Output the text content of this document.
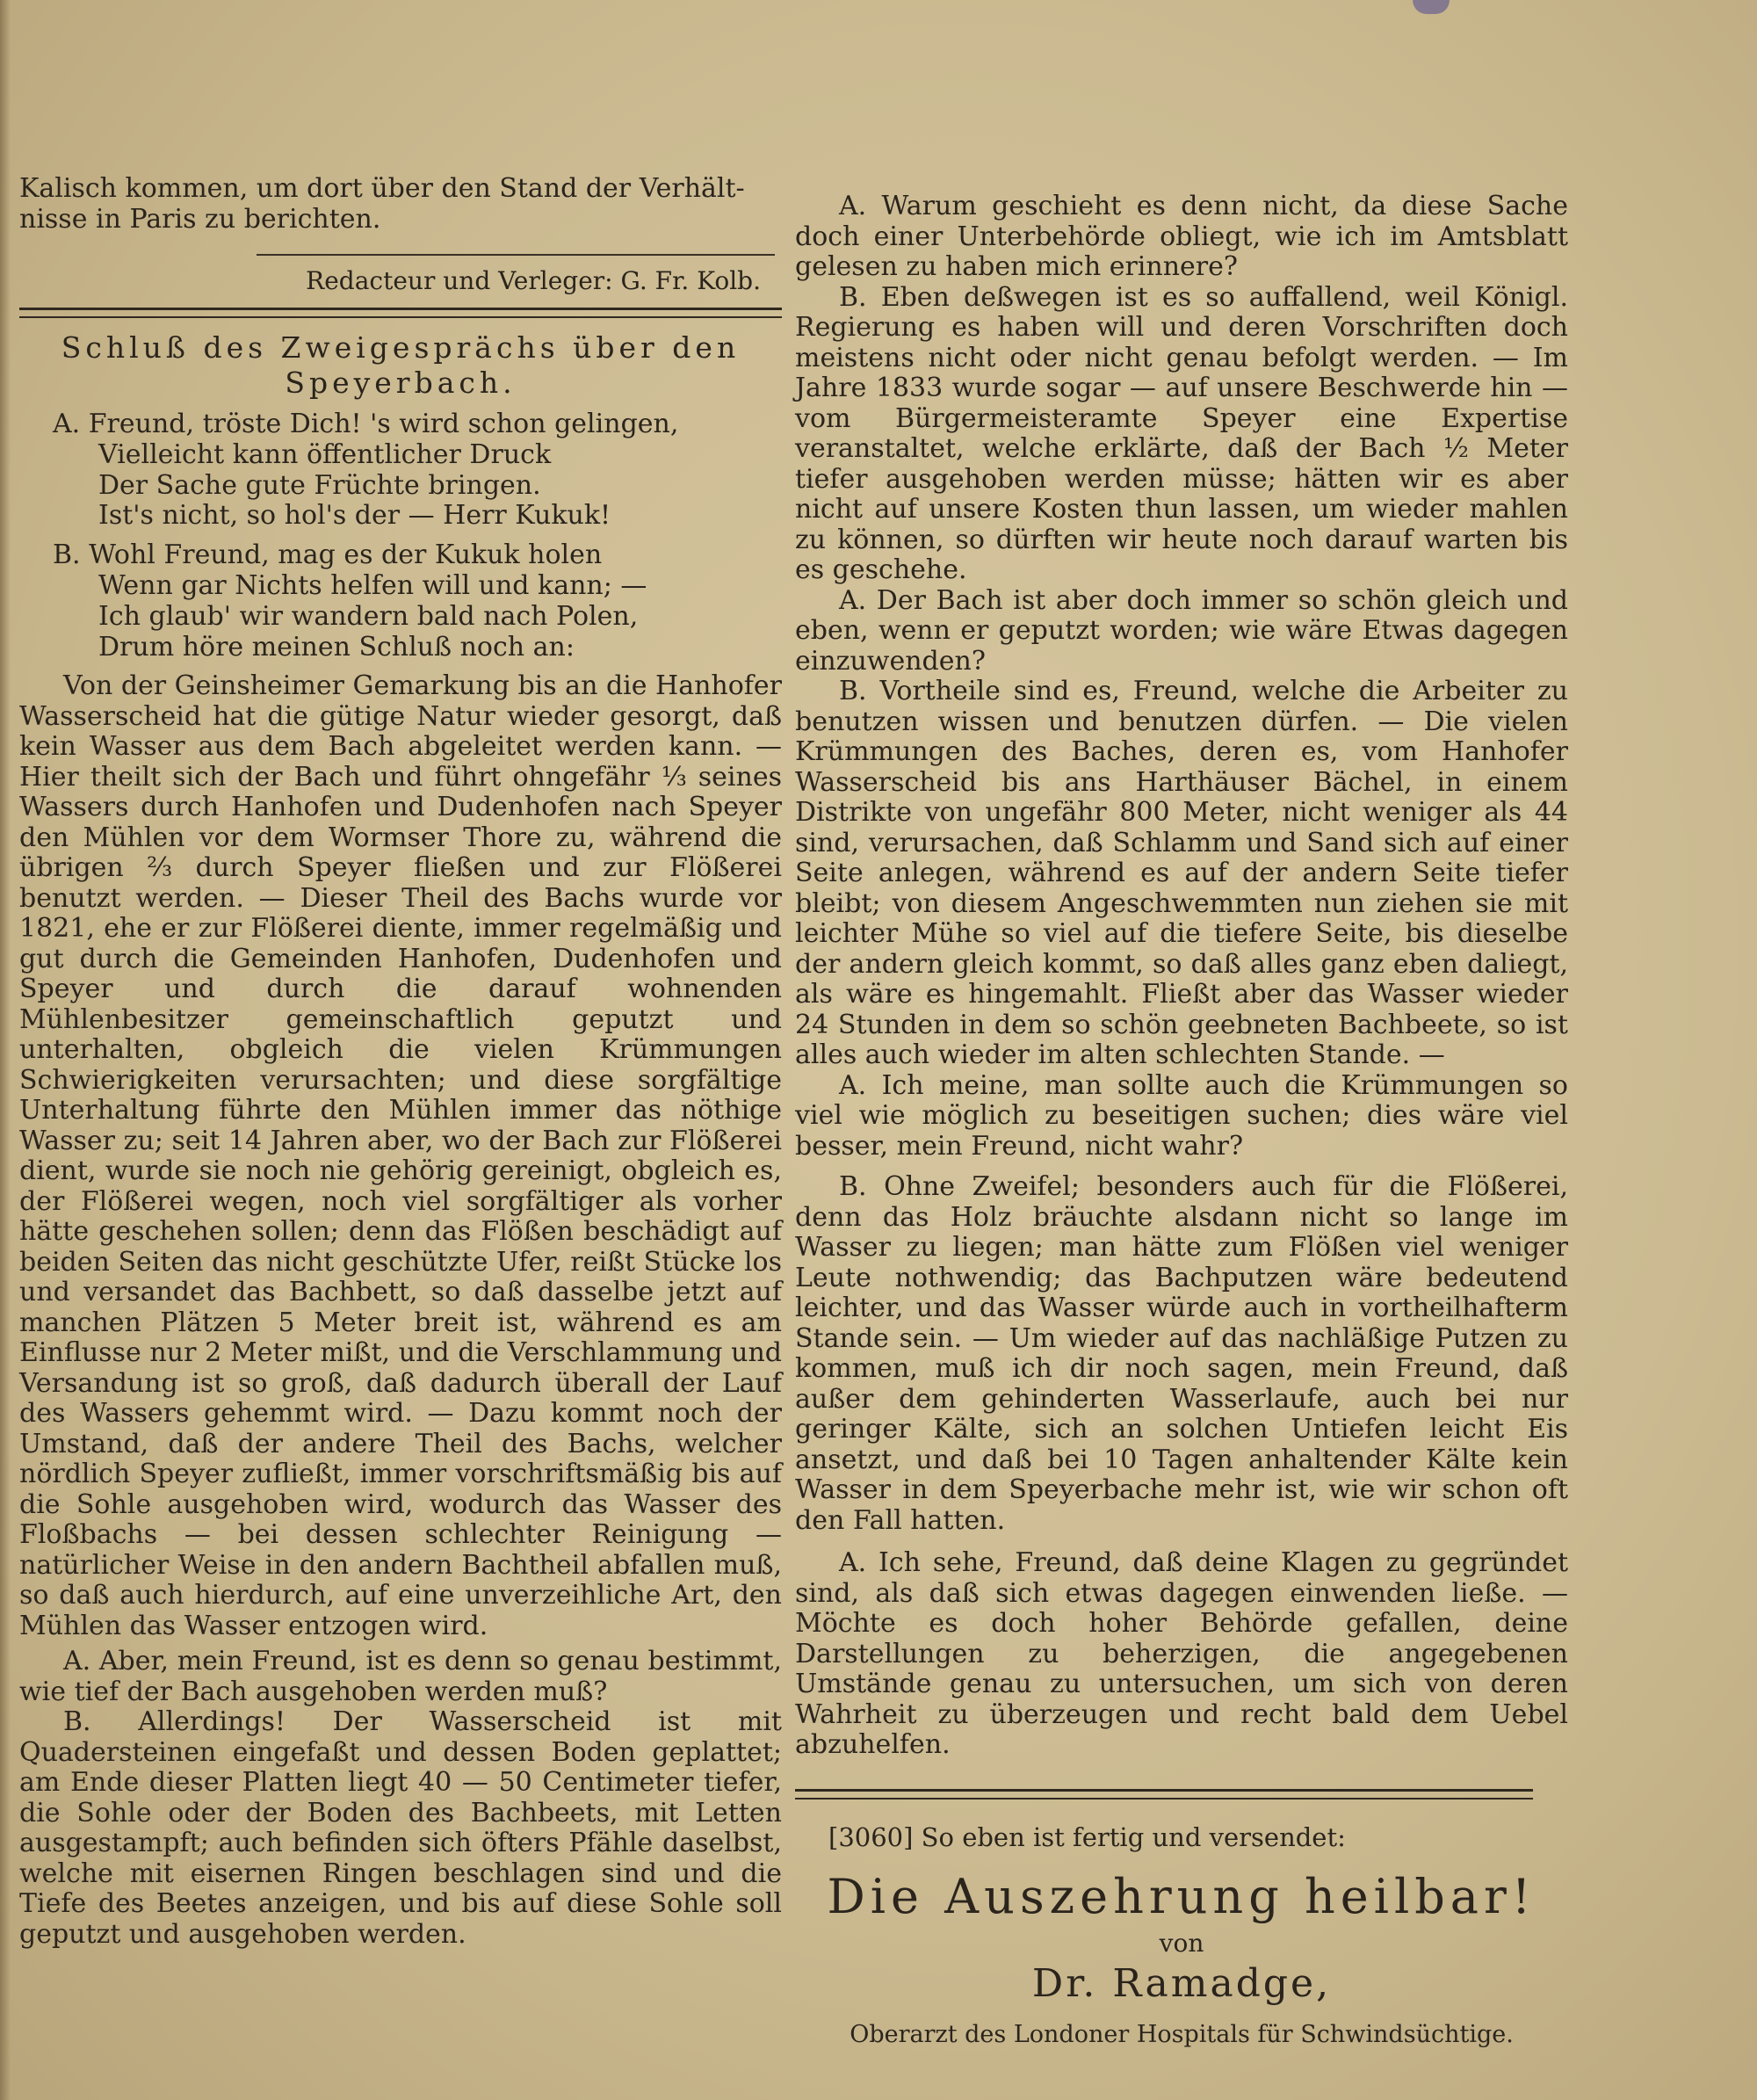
Kalisch kommen, um dort über den Stand der Verhält-

nisse in Paris zu berichten.

Redacteur und Verleger: G. Fr. Kolb.
Schluß des Zweigesprächs über den
Speyerbach.
A. Freund, tröste Dich! 's wird schon gelingen,
Vielleicht kann öffentlicher Druck
Der Sache gute Früchte bringen.
Ist's nicht, so hol's der — Herr Kukuk!
B. Wohl Freund, mag es der Kukuk holen
Wenn gar Nichts helfen will und kann; —
Ich glaub' wir wandern bald nach Polen,
Drum höre meinen Schluß noch an:

Von der Geinsheimer Gemarkung bis an die Hanhofer Wasserscheid hat die gütige Natur wieder gesorgt, daß kein Wasser aus dem Bach abgeleitet werden kann. — Hier theilt sich der Bach und führt ohngefähr ⅓ seines Wassers durch Hanhofen und Dudenhofen nach Speyer den Mühlen vor dem Wormser Thore zu, während die übrigen ⅔ durch Speyer fließen und zur Flößerei benutzt werden. — Dieser Theil des Bachs wurde vor 1821, ehe er zur Flößerei diente, immer regelmäßig und gut durch die Gemeinden Hanhofen, Dudenhofen und Speyer und durch die darauf wohnenden Mühlenbesitzer gemeinschaftlich geputzt und unterhalten, obgleich die vielen Krümmungen Schwierigkeiten verursachten; und diese sorgfältige Unterhaltung führte den Mühlen immer das nöthige Wasser zu; seit 14 Jahren aber, wo der Bach zur Flößerei dient, wurde sie noch nie gehörig gereinigt, obgleich es, der Flößerei wegen, noch viel sorgfältiger als vorher hätte geschehen sollen; denn das Flößen beschädigt auf beiden Seiten das nicht geschützte Ufer, reißt Stücke los und versandet das Bachbett, so daß dasselbe jetzt auf manchen Plätzen 5 Meter breit ist, während es am Einflusse nur 2 Meter mißt, und die Verschlammung und Versandung ist so groß, daß dadurch überall der Lauf des Wassers gehemmt wird. — Dazu kommt noch der Umstand, daß der andere Theil des Bachs, welcher nördlich Speyer zufließt, immer vorschriftsmäßig bis auf die Sohle ausgehoben wird, wodurch das Wasser des Floßbachs — bei dessen schlechter Reinigung — natürlicher Weise in den andern Bachtheil abfallen muß, so daß auch hierdurch, auf eine unverzeihliche Art, den Mühlen das Wasser entzogen wird.

A. Aber, mein Freund, ist es denn so genau bestimmt, wie tief der Bach ausgehoben werden muß?

B. Allerdings! Der Wasserscheid ist mit Quadersteinen eingefaßt und dessen Boden geplattet; am Ende dieser Platten liegt 40 — 50 Centimeter tiefer, die Sohle oder der Boden des Bachbeets, mit Letten ausgestampft; auch befinden sich öfters Pfähle daselbst, welche mit eisernen Ringen beschlagen sind und die Tiefe des Beetes anzeigen, und bis auf diese Sohle soll geputzt und ausgehoben werden.

A. Warum geschieht es denn nicht, da diese Sache doch einer Unterbehörde obliegt, wie ich im Amtsblatt gelesen zu haben mich erinnere?

B. Eben deßwegen ist es so auffallend, weil Königl. Regierung es haben will und deren Vorschriften doch meistens nicht oder nicht genau befolgt werden. — Im Jahre 1833 wurde sogar — auf unsere Beschwerde hin — vom Bürgermeisteramte Speyer eine Expertise veranstaltet, welche erklärte, daß der Bach ½ Meter tiefer ausgehoben werden müsse; hätten wir es aber nicht auf unsere Kosten thun lassen, um wieder mahlen zu können, so dürften wir heute noch darauf warten bis es geschehe.

A. Der Bach ist aber doch immer so schön gleich und eben, wenn er geputzt worden; wie wäre Etwas dagegen einzuwenden?

B. Vortheile sind es, Freund, welche die Arbeiter zu benutzen wissen und benutzen dürfen. — Die vielen Krümmungen des Baches, deren es, vom Hanhofer Wasserscheid bis ans Harthäuser Bächel, in einem Distrikte von ungefähr 800 Meter, nicht weniger als 44 sind, verursachen, daß Schlamm und Sand sich auf einer Seite anlegen, während es auf der andern Seite tiefer bleibt; von diesem Angeschwemmten nun ziehen sie mit leichter Mühe so viel auf die tiefere Seite, bis dieselbe der andern gleich kommt, so daß alles ganz eben daliegt, als wäre es hingemahlt. Fließt aber das Wasser wieder 24 Stunden in dem so schön geebneten Bachbeete, so ist alles auch wieder im alten schlechten Stande. —

A. Ich meine, man sollte auch die Krümmungen so viel wie möglich zu beseitigen suchen; dies wäre viel besser, mein Freund, nicht wahr?

B. Ohne Zweifel; besonders auch für die Flößerei, denn das Holz bräuchte alsdann nicht so lange im Wasser zu liegen; man hätte zum Flößen viel weniger Leute nothwendig; das Bachputzen wäre bedeutend leichter, und das Wasser würde auch in vortheilhafterm Stande sein. — Um wieder auf das nachläßige Putzen zu kommen, muß ich dir noch sagen, mein Freund, daß außer dem gehinderten Wasserlaufe, auch bei nur geringer Kälte, sich an solchen Untiefen leicht Eis ansetzt, und daß bei 10 Tagen anhaltender Kälte kein Wasser in dem Speyerbache mehr ist, wie wir schon oft den Fall hatten.

A. Ich sehe, Freund, daß deine Klagen zu gegründet sind, als daß sich etwas dagegen einwenden ließe. — Möchte es doch hoher Behörde gefallen, deine Darstellungen zu beherzigen, die angegebenen Umstände genau zu untersuchen, um sich von deren Wahrheit zu überzeugen und recht bald dem Uebel abzuhelfen.

[3060] So eben ist fertig und versendet:
Die Auszehrung heilbar!
von
Dr. Ramadge,
Oberarzt des Londoner Hospitals für Schwindsüchtige.
